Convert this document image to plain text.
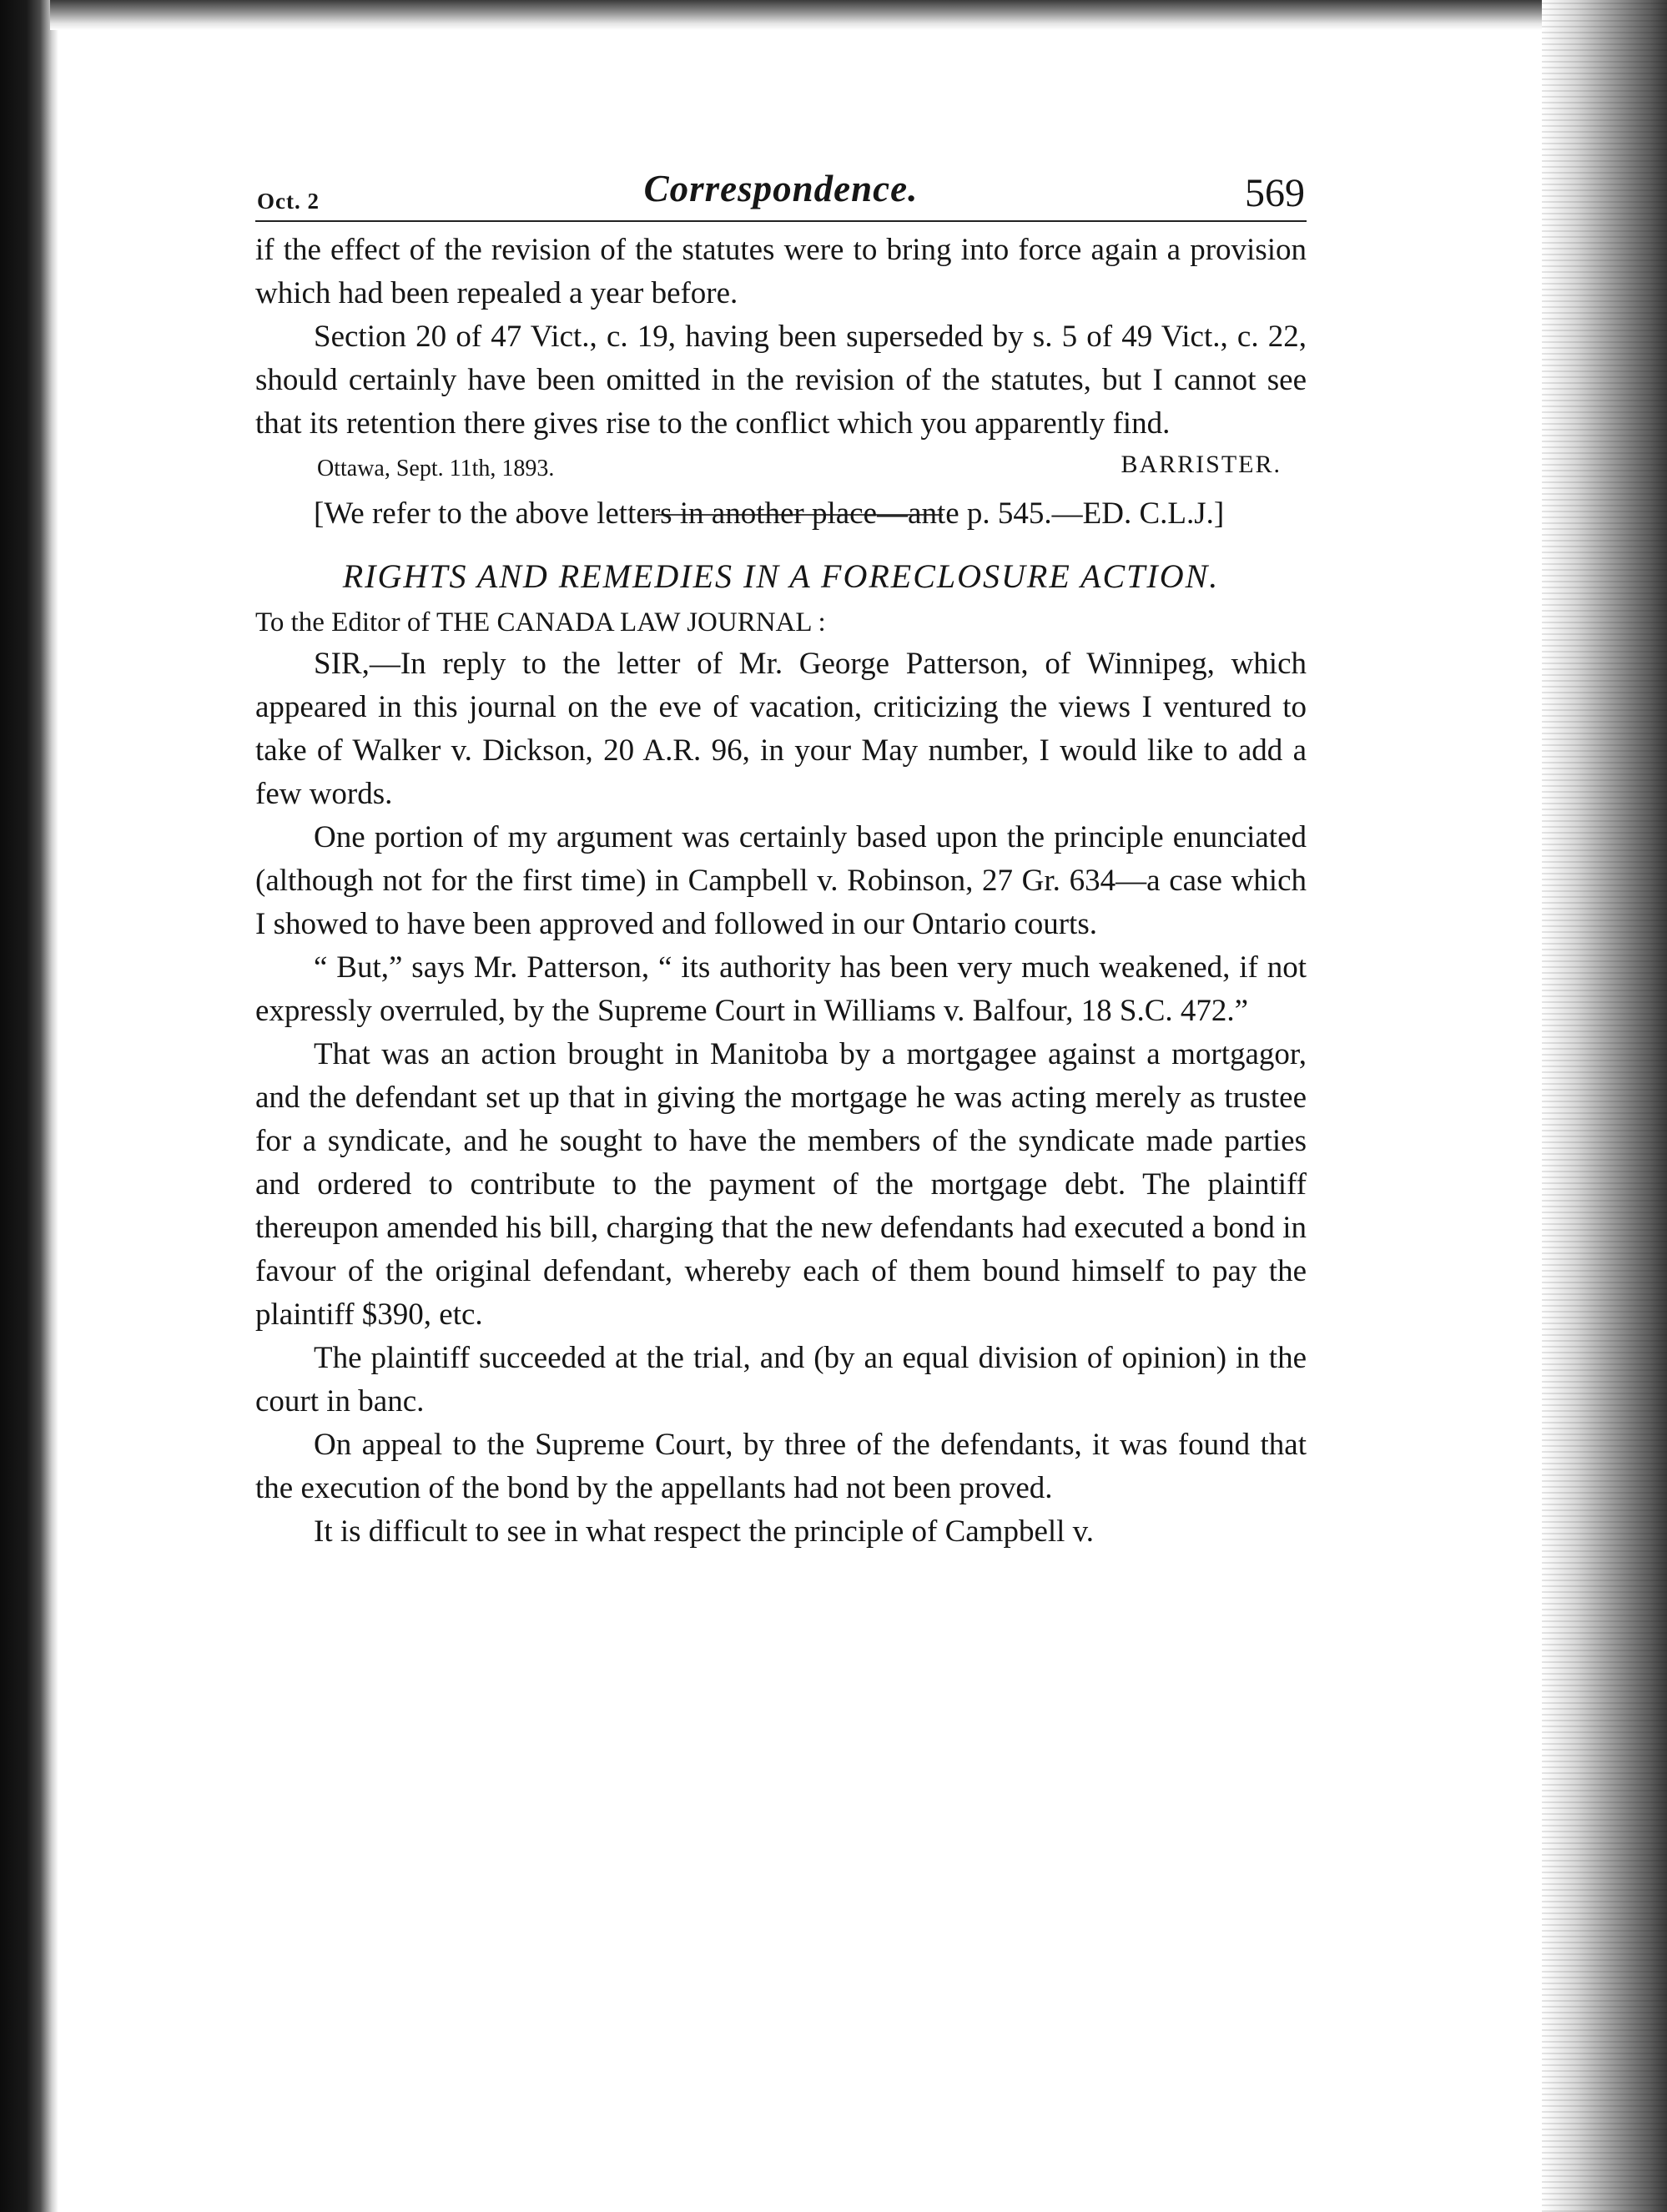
Oct. 2	Correspondence.	569

if the effect of the revision of the statutes were to bring into force again a provision which had been repealed a year before.

Section 20 of 47 Vict., c. 19, having been superseded by s. 5 of 49 Vict., c. 22, should certainly have been omitted in the revision of the statutes, but I cannot see that its retention there gives rise to the conflict which you apparently find.

Ottawa, Sept. 11th, 1893.	BARRISTER.

[We refer to the above letters in another place—ante p. 545.—ED. C.L.J.]

RIGHTS AND REMEDIES IN A FORECLOSURE ACTION.

To the Editor of THE CANADA LAW JOURNAL :

SIR,—In reply to the letter of Mr. George Patterson, of Winnipeg, which appeared in this journal on the eve of vacation, criticizing the views I ventured to take of Walker v. Dickson, 20 A.R. 96, in your May number, I would like to add a few words.

One portion of my argument was certainly based upon the principle enunciated (although not for the first time) in Campbell v. Robinson, 27 Gr. 634—a case which I showed to have been approved and followed in our Ontario courts.

“ But,” says Mr. Patterson, “ its authority has been very much weakened, if not expressly overruled, by the Supreme Court in Williams v. Balfour, 18 S.C. 472.”

That was an action brought in Manitoba by a mortgagee against a mortgagor, and the defendant set up that in giving the mortgage he was acting merely as trustee for a syndicate, and he sought to have the members of the syndicate made parties and ordered to contribute to the payment of the mortgage debt. The plaintiff thereupon amended his bill, charging that the new defendants had executed a bond in favour of the original defendant, whereby each of them bound himself to pay the plaintiff $390, etc.

The plaintiff succeeded at the trial, and (by an equal division of opinion) in the court in banc.

On appeal to the Supreme Court, by three of the defendants, it was found that the execution of the bond by the appellants had not been proved.

It is difficult to see in what respect the principle of Campbell v.
